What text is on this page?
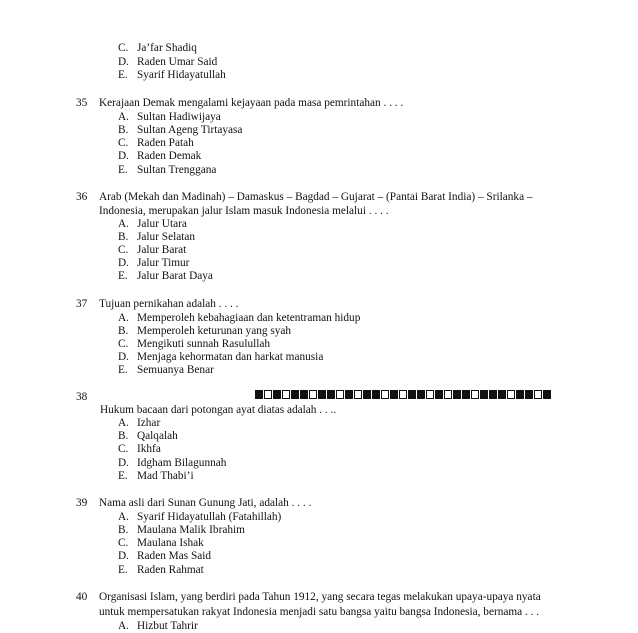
C. Ja’far Shadiq
D. Raden Umar Said
E. Syarif Hidayatullah
35 Kerajaan Demak mengalami kejayaan pada masa pemrintahan . . . .
A. Sultan Hadiwijaya
B. Sultan Ageng Tirtayasa
C. Raden Patah
D. Raden Demak
E. Sultan Trenggana
36 Arab (Mekah dan Madinah) – Damaskus – Bagdad – Gujarat – (Pantai Barat India) – Srilanka –
Indonesia, merupakan jalur Islam masuk Indonesia melalui . . . .
A. Jalur Utara
B. Jalur Selatan
C. Jalur Barat
D. Jalur Timur
E. Jalur Barat Daya
37 Tujuan pernikahan adalah . . . .
A. Memperoleh kebahagiaan dan ketentraman hidup
B. Memperoleh keturunan yang syah
C. Mengikuti sunnah Rasulullah
D. Menjaga kehormatan dan harkat manusia
E. Semuanya Benar
38
Hukum bacaan dari potongan ayat diatas adalah . . ..
A. Izhar
B. Qalqalah
C. Ikhfa
D. Idgham Bilagunnah
E. Mad Thabi’i
39 Nama asli dari Sunan Gunung Jati, adalah . . . .
A. Syarif Hidayatullah (Fatahillah)
B. Maulana Malik Ibrahim
C. Maulana Ishak
D. Raden Mas Said
E. Raden Rahmat
40 Organisasi Islam, yang berdiri pada Tahun 1912, yang secara tegas melakukan upaya-upaya nyata
untuk mempersatukan rakyat Indonesia menjadi satu bangsa yaitu bangsa Indonesia, bernama . . .
A. Hizbut Tahrir
